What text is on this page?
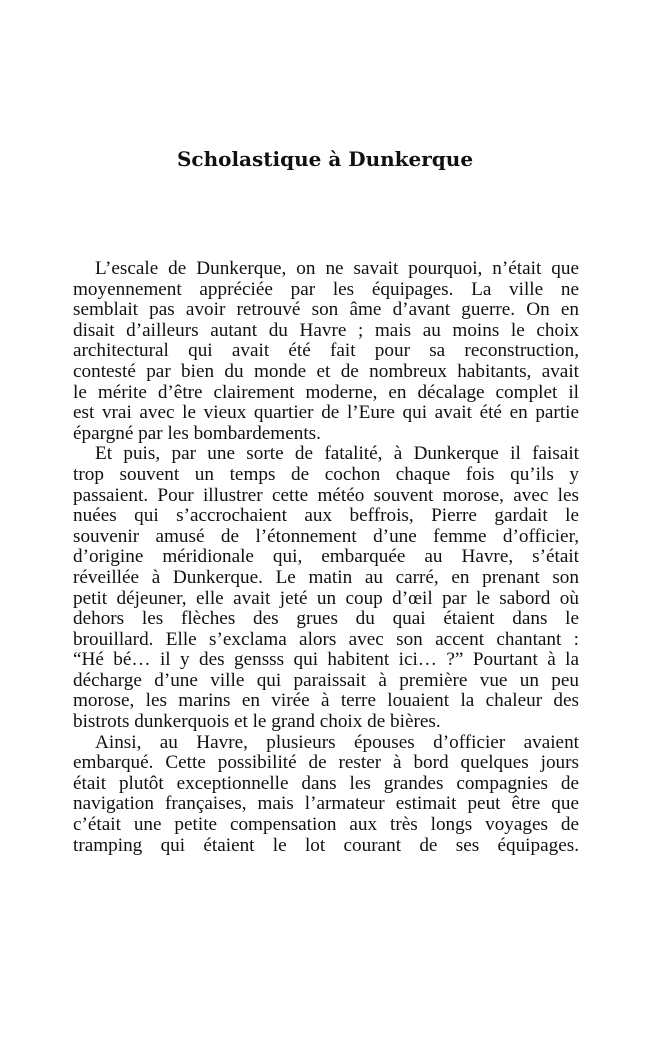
Scholastique à Dunkerque
L’escale de Dunkerque, on ne savait pourquoi, n’était que
moyennement appréciée par les équipages. La ville ne
semblait pas avoir retrouvé son âme d’avant guerre. On en
disait d’ailleurs autant du Havre ; mais au moins le choix
architectural qui avait été fait pour sa reconstruction,
contesté par bien du monde et de nombreux habitants, avait
le mérite d’être clairement moderne, en décalage complet il
est vrai avec le vieux quartier de l’Eure qui avait été en partie
épargné par les bombardements.
Et puis, par une sorte de fatalité, à Dunkerque il faisait
trop souvent un temps de cochon chaque fois qu’ils y
passaient. Pour illustrer cette météo souvent morose, avec les
nuées qui s’accrochaient aux beffrois, Pierre gardait le
souvenir amusé de l’étonnement d’une femme d’officier,
d’origine méridionale qui, embarquée au Havre, s’était
réveillée à Dunkerque. Le matin au carré, en prenant son
petit déjeuner, elle avait jeté un coup d’œil par le sabord où
dehors les flèches des grues du quai étaient dans le
brouillard. Elle s’exclama alors avec son accent chantant :
“Hé bé… il y des gensss qui habitent ici… ?” Pourtant à la
décharge d’une ville qui paraissait à première vue un peu
morose, les marins en virée à terre louaient la chaleur des
bistrots dunkerquois et le grand choix de bières.
Ainsi, au Havre, plusieurs épouses d’officier avaient
embarqué. Cette possibilité de rester à bord quelques jours
était plutôt exceptionnelle dans les grandes compagnies de
navigation françaises, mais l’armateur estimait peut être que
c’était une petite compensation aux très longs voyages de
tramping qui étaient le lot courant de ses équipages.
